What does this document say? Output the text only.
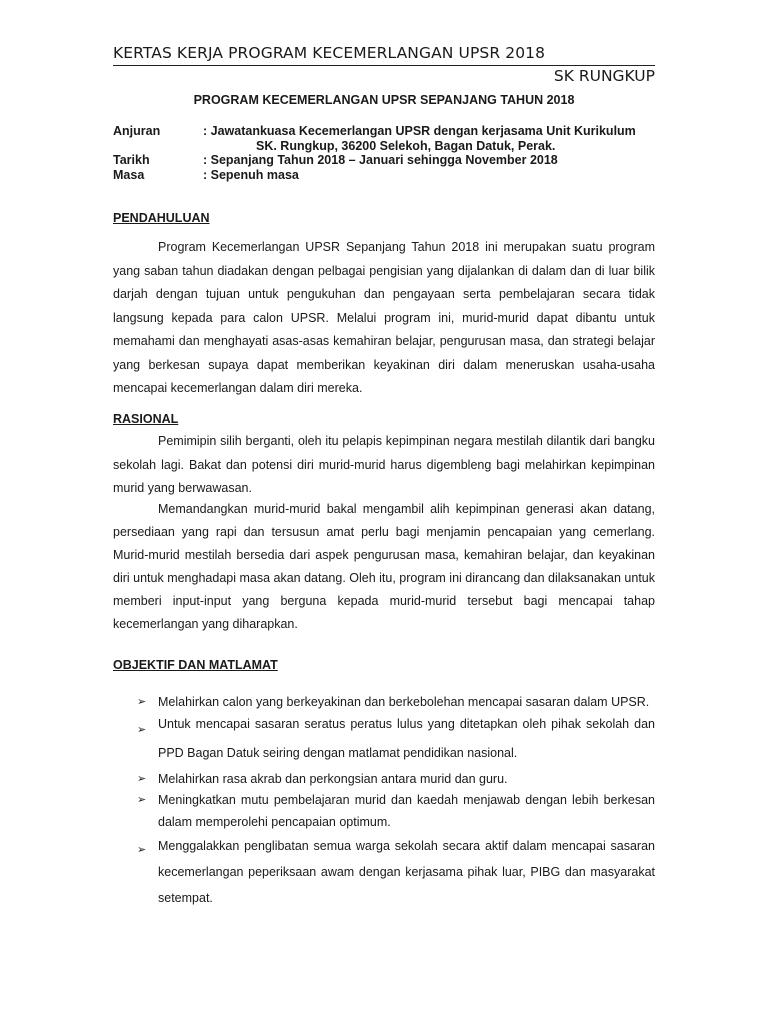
KERTAS KERJA PROGRAM KECEMERLANGAN UPSR 2018
SK RUNGKUP
PROGRAM KECEMERLANGAN UPSR SEPANJANG TAHUN 2018
Anjuran	: Jawatankuasa Kecemerlangan UPSR dengan kerjasama Unit Kurikulum
SK. Rungkup, 36200 Selekoh, Bagan Datuk, Perak.
Tarikh	: Sepanjang Tahun 2018 – Januari sehingga November 2018
Masa	: Sepenuh masa
PENDAHULUAN
Program Kecemerlangan UPSR Sepanjang Tahun 2018 ini merupakan suatu program yang saban tahun diadakan dengan pelbagai pengisian yang dijalankan di dalam dan di luar bilik darjah dengan tujuan untuk pengukuhan dan pengayaan serta pembelajaran secara tidak langsung kepada para calon UPSR. Melalui program ini, murid-murid dapat dibantu untuk memahami dan menghayati asas-asas kemahiran belajar, pengurusan masa, dan strategi belajar yang berkesan supaya dapat memberikan keyakinan diri dalam meneruskan usaha-usaha mencapai kecemerlangan dalam diri mereka.
RASIONAL
Pemimipin silih berganti, oleh itu pelapis kepimpinan negara mestilah dilantik dari bangku sekolah lagi. Bakat dan potensi diri murid-murid harus digembleng bagi melahirkan kepimpinan murid yang berwawasan.
Memandangkan murid-murid bakal mengambil alih kepimpinan generasi akan datang, persediaan yang rapi dan tersusun amat perlu bagi menjamin pencapaian yang cemerlang. Murid-murid mestilah bersedia dari aspek pengurusan masa, kemahiran belajar, dan keyakinan diri untuk menghadapi masa akan datang. Oleh itu, program ini dirancang dan dilaksanakan untuk memberi input-input yang berguna kepada murid-murid tersebut bagi mencapai tahap kecemerlangan yang diharapkan.
OBJEKTIF DAN MATLAMAT
➢ Melahirkan calon yang berkeyakinan dan berkebolehan mencapai sasaran dalam UPSR.
➢ Untuk mencapai sasaran seratus peratus lulus yang ditetapkan oleh pihak sekolah dan PPD Bagan Datuk seiring dengan matlamat pendidikan nasional.
➢ Melahirkan rasa akrab dan perkongsian antara murid dan guru.
➢ Meningkatkan mutu pembelajaran murid dan kaedah menjawab dengan lebih berkesan dalam memperolehi pencapaian optimum.
➢ Menggalakkan penglibatan semua warga sekolah secara aktif dalam mencapai sasaran kecemerlangan peperiksaan awam dengan kerjasama pihak luar, PIBG dan masyarakat setempat.
